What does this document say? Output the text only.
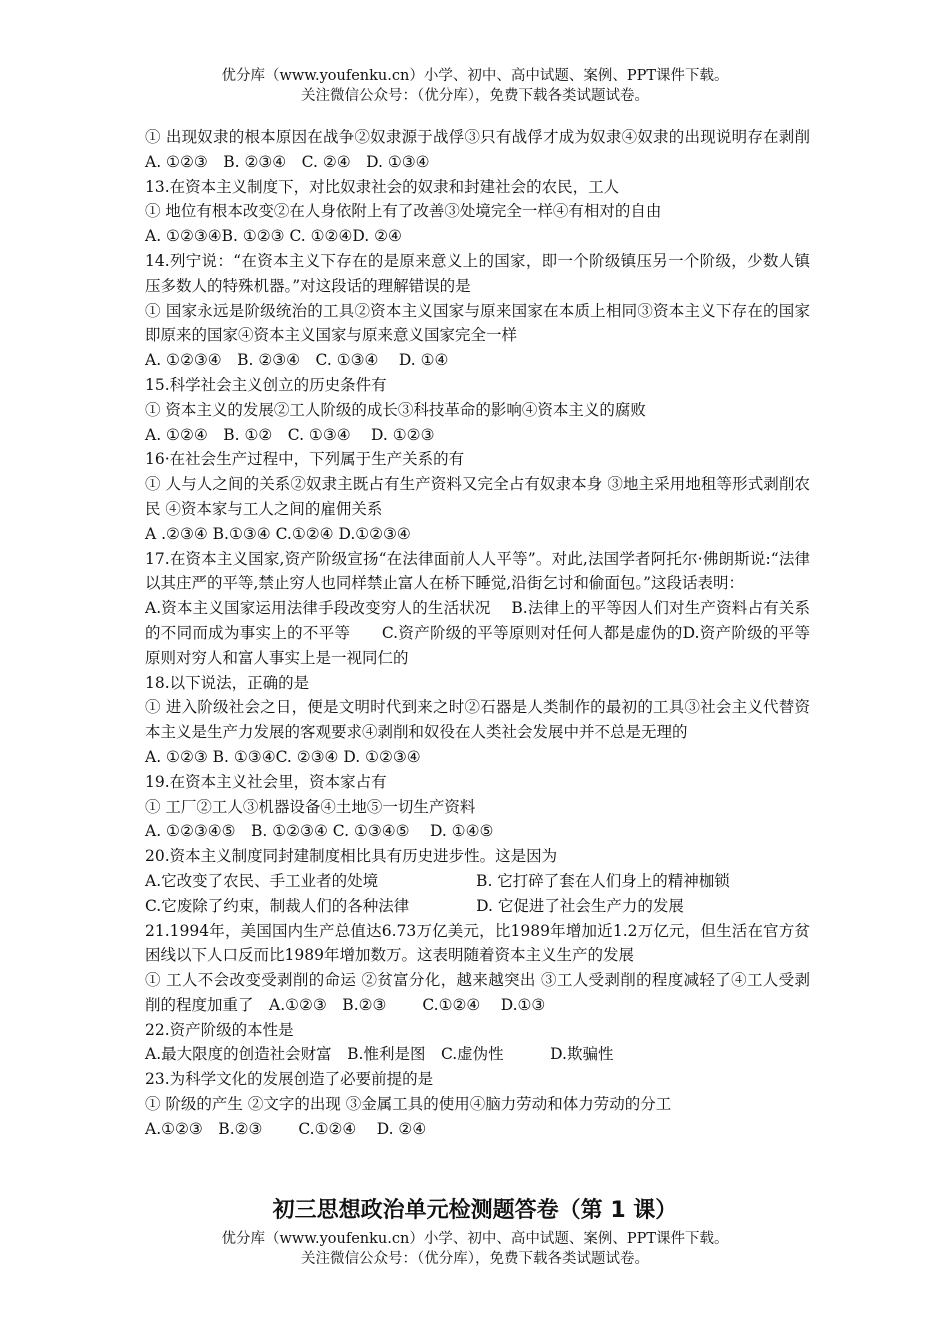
优分库（www.youfenku.cn）小学、初中、高中试题、案例、PPT课件下载。
关注微信公众号：（优分库），免费下载各类试题试卷。

① 出现奴隶的根本原因在战争②奴隶源于战俘③只有战俘才成为奴隶④奴隶的出现说明存在剥削　A. ①②③　B. ②③④　C. ②④　D. ①③④

13.在资本主义制度下，对比奴隶社会的奴隶和封建社会的农民，工人

① 地位有根本改变②在人身依附上有了改善③处境完全一样④有相对的自由

A. ①②③④B. ①②③ C. ①②④D. ②④

14.列宁说：“在资本主义下存在的是原来意义上的国家，即一个阶级镇压另一个阶级，少数人镇压多数人的特殊机器。”对这段话的理解错误的是

① 国家永远是阶级统治的工具②资本主义国家与原来国家在本质上相同③资本主义下存在的国家即原来的国家④资本主义国家与原来意义国家完全一样

A. ①②③④　B. ②③④　C. ①③④　 D. ①④

15.科学社会主义创立的历史条件有

① 资本主义的发展②工人阶级的成长③科技革命的影响④资本主义的腐败

A. ①②④　B. ①②　C. ①③④　 D. ①②③

16·在社会生产过程中，下列属于生产关系的有

① 人与人之间的关系②奴隶主既占有生产资料又完全占有奴隶本身 ③地主采用地租等形式剥削农民 ④资本家与工人之间的雇佣关系

A .②③④ B.①③④ C.①②④ D.①②③④

17.在资本主义国家,资产阶级宣扬“在法律面前人人平等”。对此,法国学者阿托尔·佛朗斯说:“法律以其庄严的平等,禁止穷人也同样禁止富人在桥下睡觉,沿街乞讨和偷面包。”这段话表明：

A.资本主义国家运用法律手段改变穷人的生活状况　 B.法律上的平等因人们对生产资料占有关系的不同而成为事实上的不平等　　C.资产阶级的平等原则对任何人都是虚伪的D.资产阶级的平等原则对穷人和富人事实上是一视同仁的

18.以下说法，正确的是

① 进入阶级社会之日，便是文明时代到来之时②石器是人类制作的最初的工具③社会主义代替资本主义是生产力发展的客观要求④剥削和奴役在人类社会发展中并不总是无理的

A. ①②③ B. ①③④C. ②③④ D. ①②③④

19.在资本主义社会里，资本家占有

① 工厂②工人③机器设备④土地⑤一切生产资料

A. ①②③④⑤　B. ①②③④ C. ①③④⑤　 D. ①④⑤

20.资本主义制度同封建制度相比具有历史进步性。这是因为

A.它改变了农民、手工业者的处境　　　　　　 B. 它打碎了套在人们身上的精神枷锁

C.它废除了约束，制裁人们的各种法律　　　　 D. 它促进了社会生产力的发展

21.1994年，美国国内生产总值达6.73万亿美元，比1989年增加近1.2万亿元，但生活在官方贫困线以下人口反而比1989年增加数万。这表明随着资本主义生产的发展

① 工人不会改变受剥削的命运 ②贫富分化，越来越突出 ③工人受剥削的程度减轻了④工人受剥削的程度加重了　A.①②③　B.②③　　 C.①②④　 D.①③

22.资产阶级的本性是

A.最大限度的创造社会财富　B.惟利是图　C.虚伪性　　　D.欺骗性

23.为科学文化的发展创造了必要前提的是

① 阶级的产生 ②文字的出现 ③金属工具的使用④脑力劳动和体力劳动的分工

A.①②③　B.②③　　 C.①②④　 D. ②④

初三思想政治单元检测题答卷（第 1 课）
优分库（www.youfenku.cn）小学、初中、高中试题、案例、PPT课件下载。
关注微信公众号：（优分库），免费下载各类试题试卷。
